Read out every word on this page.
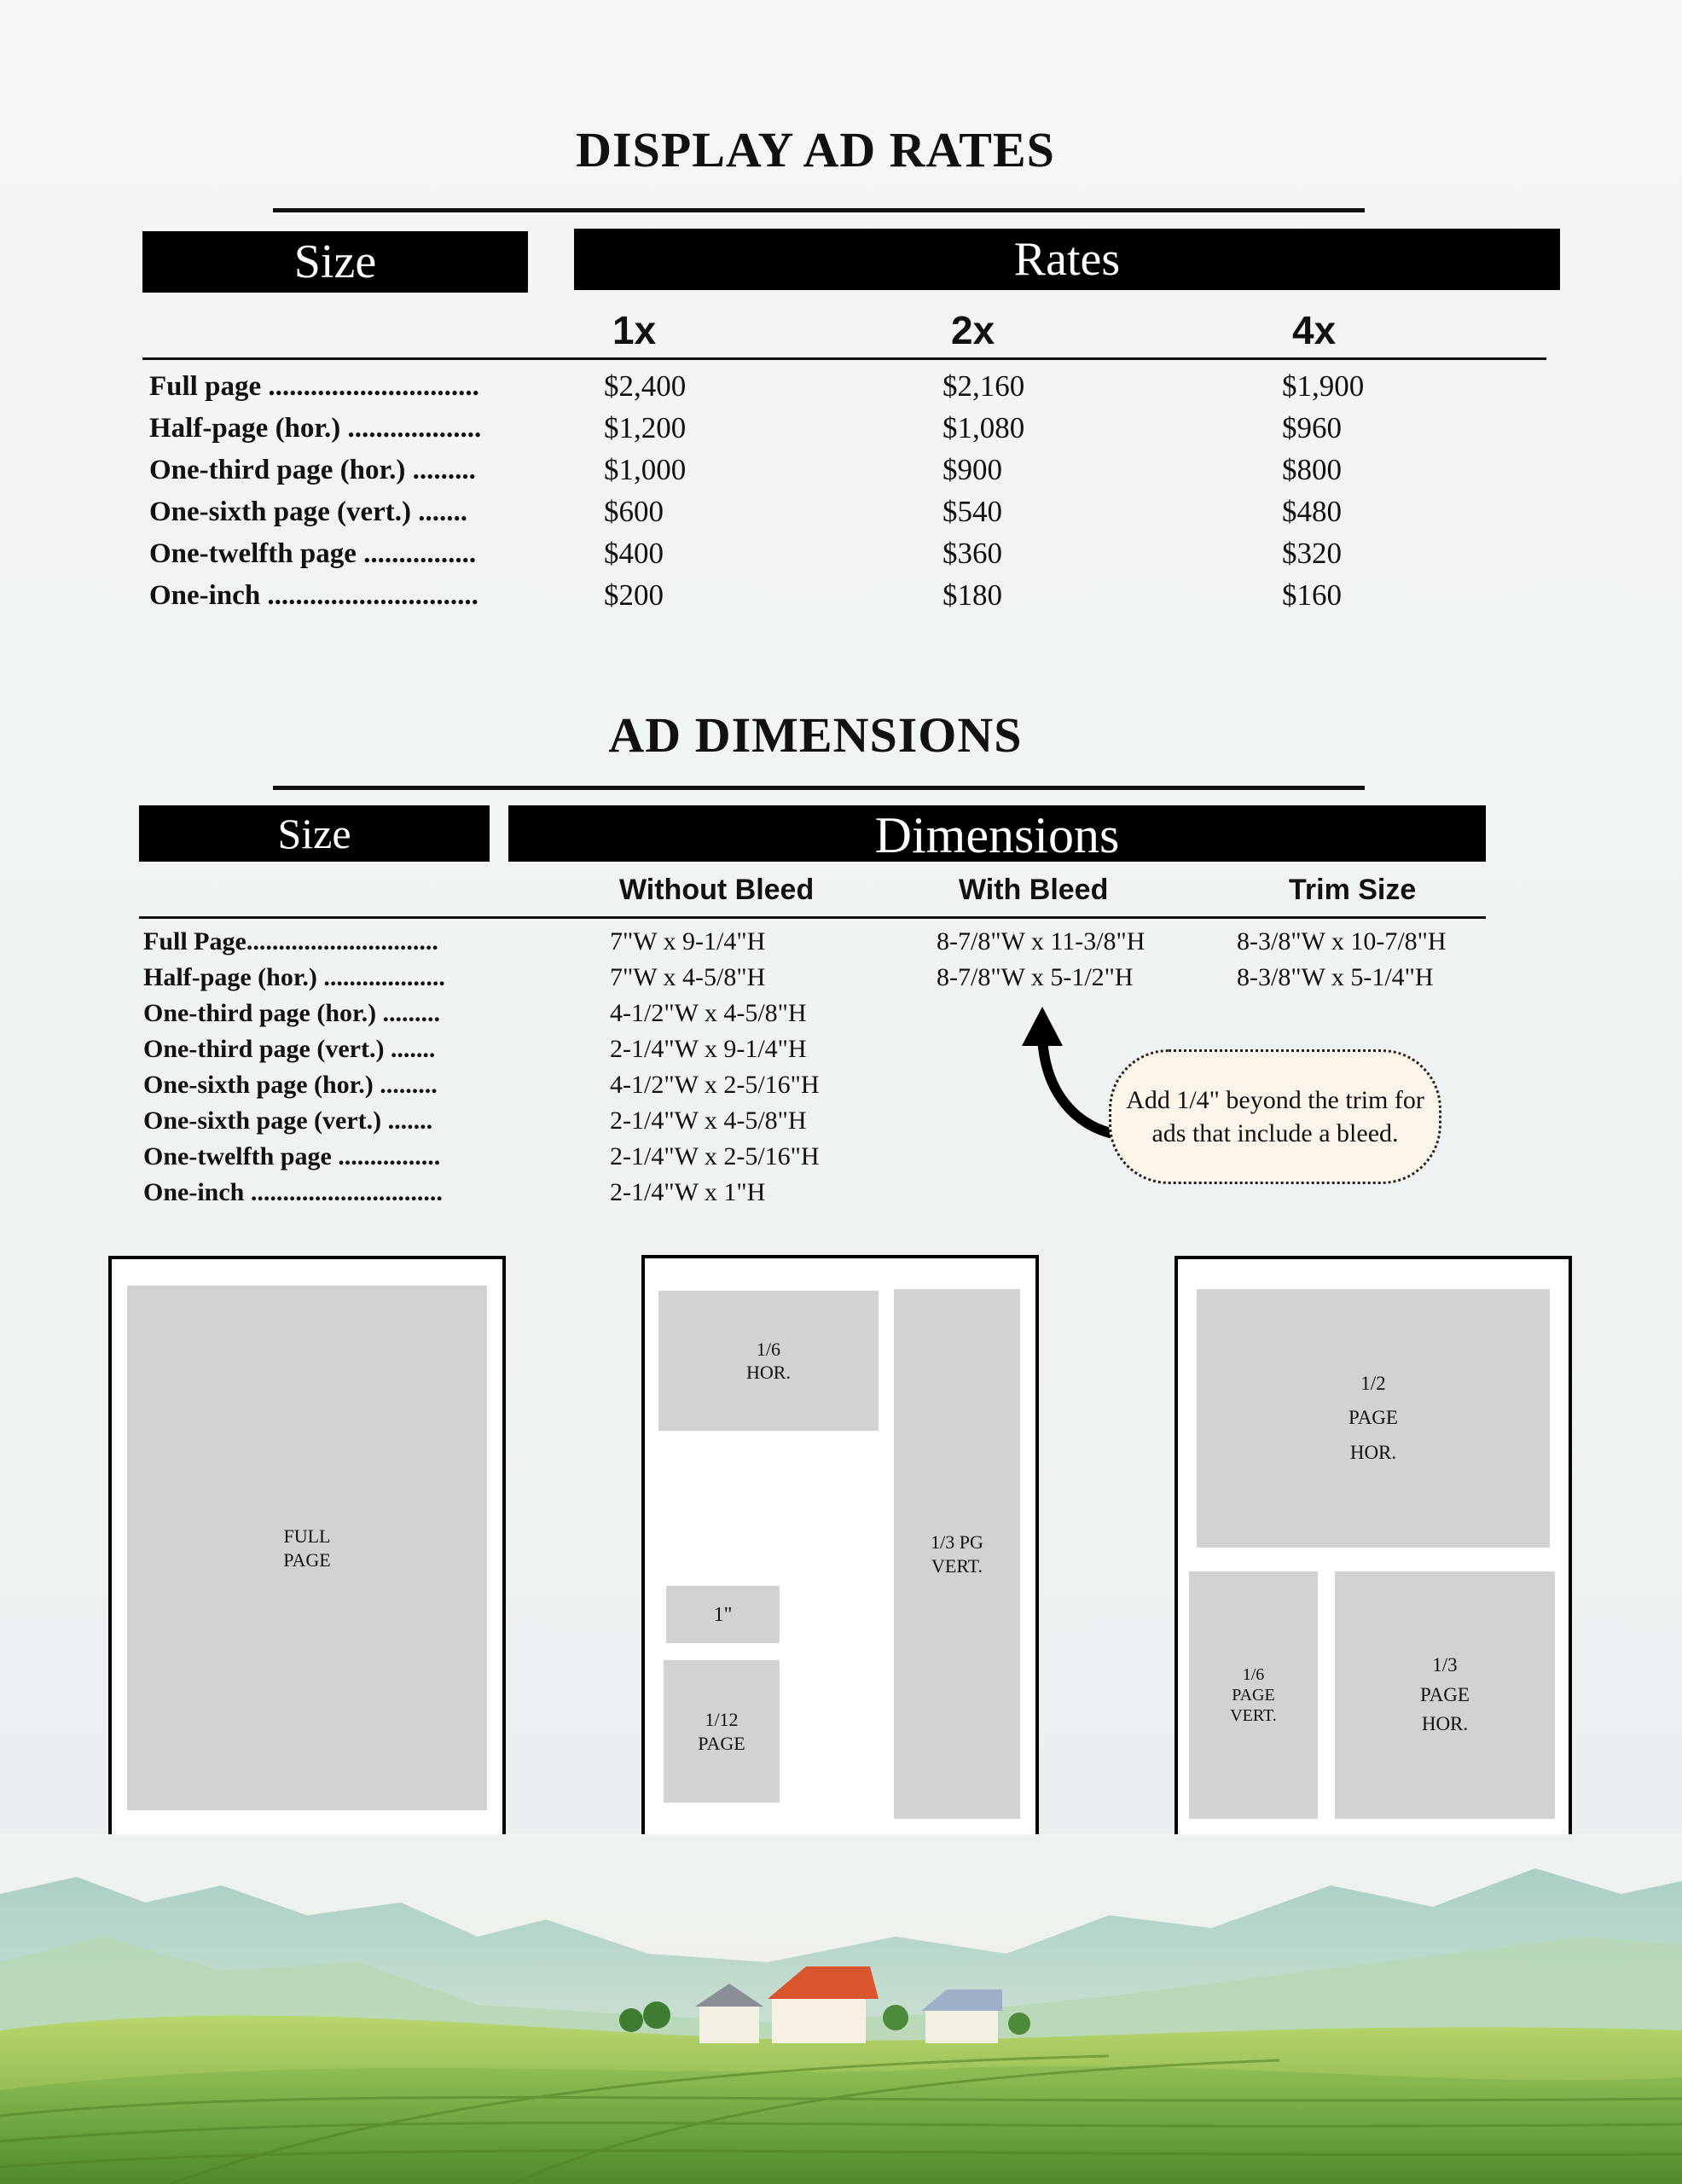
DISPLAY AD RATES
Size	Rates
1x	2x	4x
Full page ..............................	$2,400	$2,160	$1,900
Half-page (hor.) ...................	$1,200	$1,080	$960
One-third page (hor.) .........	$1,000	$900	$800
One-sixth page (vert.) .......	$600	$540	$480
One-twelfth page ................	$400	$360	$320
One-inch ..............................	$200	$180	$160
AD DIMENSIONS
Size	Dimensions
Without Bleed	With Bleed	Trim Size
Full Page..............................	7"W x 9-1/4"H	8-7/8"W x 11-3/8"H	8-3/8"W x 10-7/8"H
Half-page (hor.) ...................	7"W x 4-5/8"H	8-7/8"W x 5-1/2"H	8-3/8"W x 5-1/4"H
One-third page (hor.) .........	4-1/2"W x 4-5/8"H
One-third page (vert.) .......	2-1/4"W x 9-1/4"H
One-sixth page (hor.) .........	4-1/2"W x 2-5/16"H
One-sixth page (vert.) .......	2-1/4"W x 4-5/8"H
One-twelfth page ................	2-1/4"W x 2-5/16"H
One-inch ..............................	2-1/4"W x 1"H
Add 1/4" beyond the trim for ads that include a bleed.
FULL
PAGE
1/6
HOR.
1/3 PG
VERT.
1"
1/12
PAGE
1/2
PAGE
HOR.
1/6
PAGE
VERT.
1/3
PAGE
HOR.
